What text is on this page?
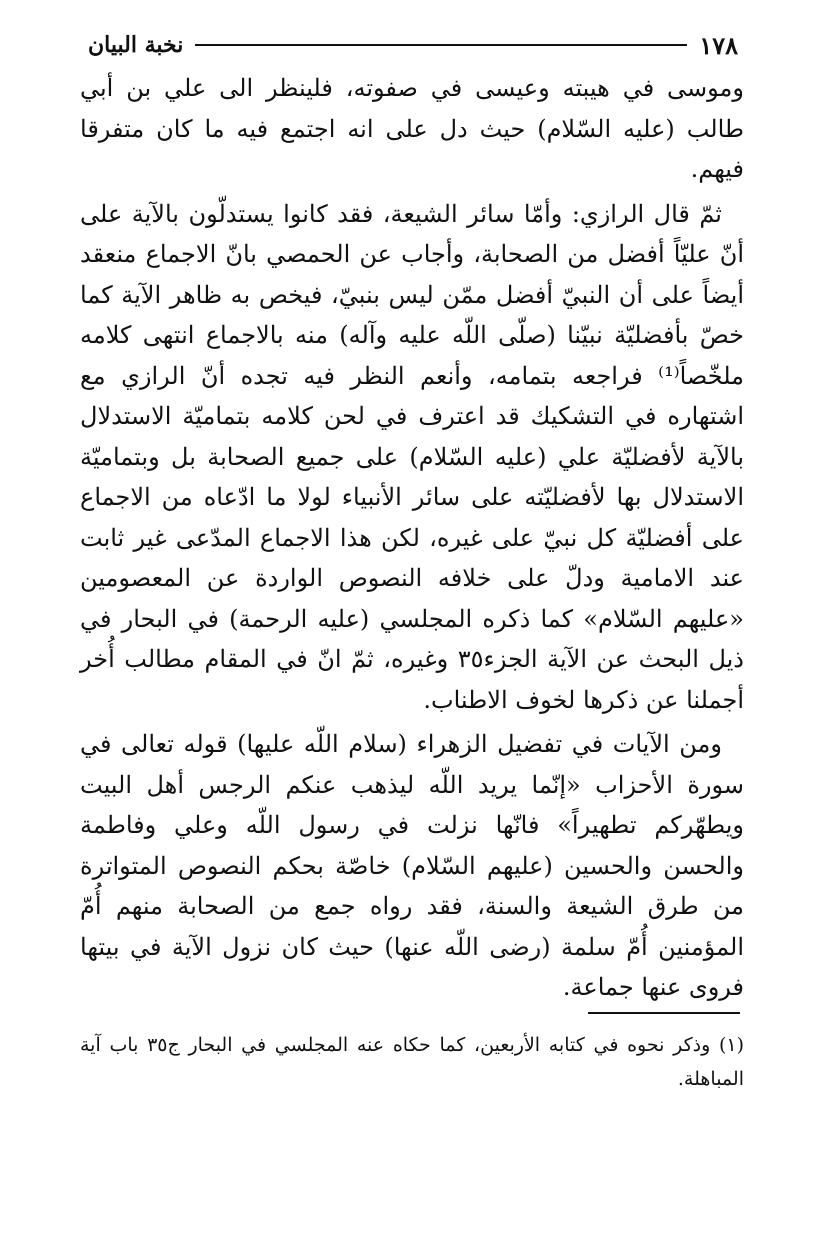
١٧٨
نخبة البيان

وموسى في هيبته وعيسى في صفوته، فلينظر الى علي بن أبي طالب (عليه السّلام) حيث دل على انه اجتمع فيه ما كان متفرقا فيهم.

ثمّ قال الرازي: وأمّا سائر الشيعة، فقد كانوا يستدلّون بالآية على أنّ عليّاً أفضل من الصحابة، وأجاب عن الحمصي بانّ الاجماع منعقد أيضاً على أن النبيّ أفضل ممّن ليس بنبيّ، فيخص به ظاهر الآية كما خصّ بأفضليّة نبيّنا (صلّى اللّه عليه وآله) منه بالاجماع انتهى كلامه ملخّصاً⁽¹⁾ فراجعه بتمامه، وأنعم النظر فيه تجده أنّ الرازي مع اشتهاره في التشكيك قد اعترف في لحن كلامه بتماميّة الاستدلال بالآية لأفضليّة علي (عليه السّلام) على جميع الصحابة بل وبتماميّة الاستدلال بها لأفضليّته على سائر الأنبياء لولا ما ادّعاه من الاجماع على أفضليّة كل نبيّ على غيره، لكن هذا الاجماع المدّعى غير ثابت عند الامامية ودلّ على خلافه النصوص الواردة عن المعصومين «عليهم السّلام» كما ذكره المجلسي (عليه الرحمة) في البحار في ذيل البحث عن الآية الجزء٣٥ وغيره، ثمّ انّ في المقام مطالب أُخر أجملنا عن ذكرها لخوف الاطناب.

ومن الآيات في تفضيل الزهراء (سلام اللّه عليها) قوله تعالى في سورة الأحزاب «إنّما يريد اللّه ليذهب عنكم الرجس أهل البيت ويطهّركم تطهيراً» فانّها نزلت في رسول اللّه وعلي وفاطمة والحسن والحسين (عليهم السّلام) خاصّة بحكم النصوص المتواترة من طرق الشيعة والسنة، فقد رواه جمع من الصحابة منهم أُمّ المؤمنين أُمّ سلمة (رضى اللّه عنها) حيث كان نزول الآية في بيتها فروى عنها جماعة.

(١) وذكر نحوه في كتابه الأربعين، كما حكاه عنه المجلسي في البحار ج٣٥ باب آية المباهلة.
